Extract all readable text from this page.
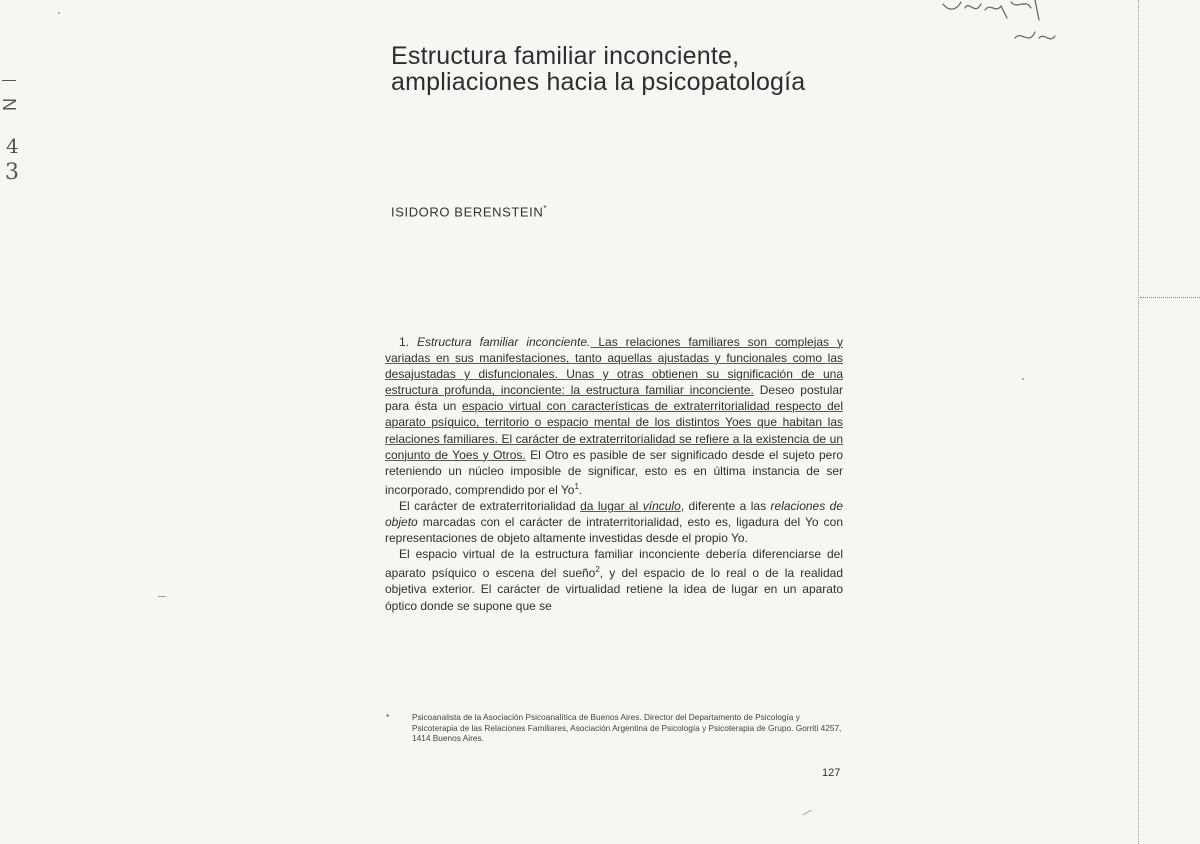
N
4
3
Estructura familiar inconciente,
ampliaciones hacia la psicopatología
ISIDORO BERENSTEIN*

1. Estructura familiar inconciente. Las relaciones familiares son complejas y variadas en sus manifestaciones, tanto aquellas ajustadas y funcionales como las desajustadas y disfuncionales. Unas y otras obtienen su significación de una estructura profunda, inconciente: la estructura familiar inconciente. Deseo postular para ésta un espacio virtual con características de extraterritorialidad respecto del aparato psíquico, territorio o espacio mental de los distintos Yoes que habitan las relaciones familiares. El carácter de extraterritorialidad se refiere a la existencia de un conjunto de Yoes y Otros. El Otro es pasible de ser significado desde el sujeto pero reteniendo un núcleo imposible de significar, esto es en última instancia de ser incorporado, comprendido por el Yo$^1$.

El carácter de extraterritorialidad da lugar al vínculo, diferente a las relaciones de objeto marcadas con el carácter de intraterritorialidad, esto es, ligadura del Yo con representaciones de objeto altamente investidas desde el propio Yo.

El espacio virtual de la estructura familiar inconciente debería diferenciarse del aparato psíquico o escena del sueño$^2$, y del espacio de lo real o de la realidad objetiva exterior. El carácter de virtualidad retiene la idea de lugar en un aparato óptico donde se supone que se

*	Psicoanalista de la Asociación Psicoanalítica de Buenos Aires. Director del Departamento de Psicología y Psicoterapia de las Relaciones Familiares, Asociación Argentina de Psicología y Psicoterapia de Grupo. Gorriti 4257, 1414 Buenos Aires.
127
